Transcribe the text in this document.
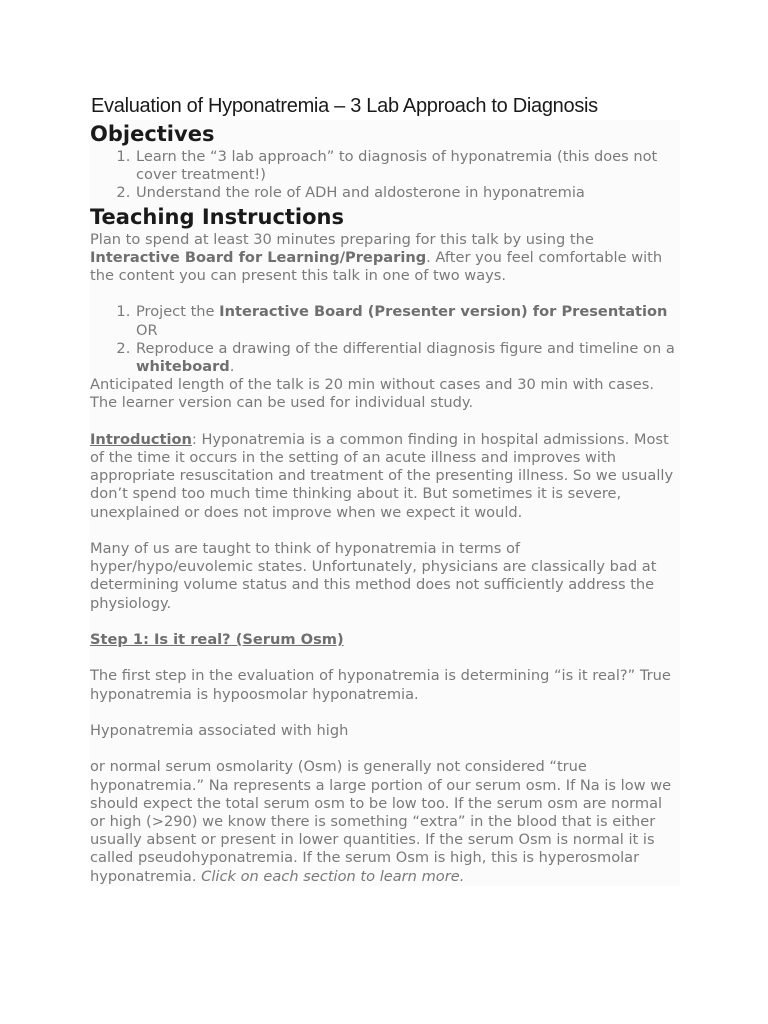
Evaluation of Hyponatremia – 3 Lab Approach to Diagnosis
Objectives
1. Learn the “3 lab approach” to diagnosis of hyponatremia (this does not cover treatment!)
2. Understand the role of ADH and aldosterone in hyponatremia
Teaching Instructions

Plan to spend at least 30 minutes preparing for this talk by using the Interactive Board for Learning/Preparing. After you feel comfortable with the content you can present this talk in one of two ways.

1. Project the Interactive Board (Presenter version) for Presentation OR
2. Reproduce a drawing of the differential diagnosis figure and timeline on a whiteboard.

Anticipated length of the talk is 20 min without cases and 30 min with cases. The learner version can be used for individual study.

Introduction: Hyponatremia is a common finding in hospital admissions. Most of the time it occurs in the setting of an acute illness and improves with appropriate resuscitation and treatment of the presenting illness. So we usually don’t spend too much time thinking about it. But sometimes it is severe, unexplained or does not improve when we expect it would.

Many of us are taught to think of hyponatremia in terms of hyper/hypo/euvolemic states. Unfortunately, physicians are classically bad at determining volume status and this method does not sufficiently address the physiology.

Step 1: Is it real? (Serum Osm)

The first step in the evaluation of hyponatremia is determining “is it real?” True hyponatremia is hypoosmolar hyponatremia.

Hyponatremia associated with high

or normal serum osmolarity (Osm) is generally not considered “true hyponatremia.” Na represents a large portion of our serum osm. If Na is low we should expect the total serum osm to be low too. If the serum osm are normal or high (>290) we know there is something “extra” in the blood that is either usually absent or present in lower quantities. If the serum Osm is normal it is called pseudohyponatremia. If the serum Osm is high, this is hyperosmolar hyponatremia. Click on each section to learn more.
